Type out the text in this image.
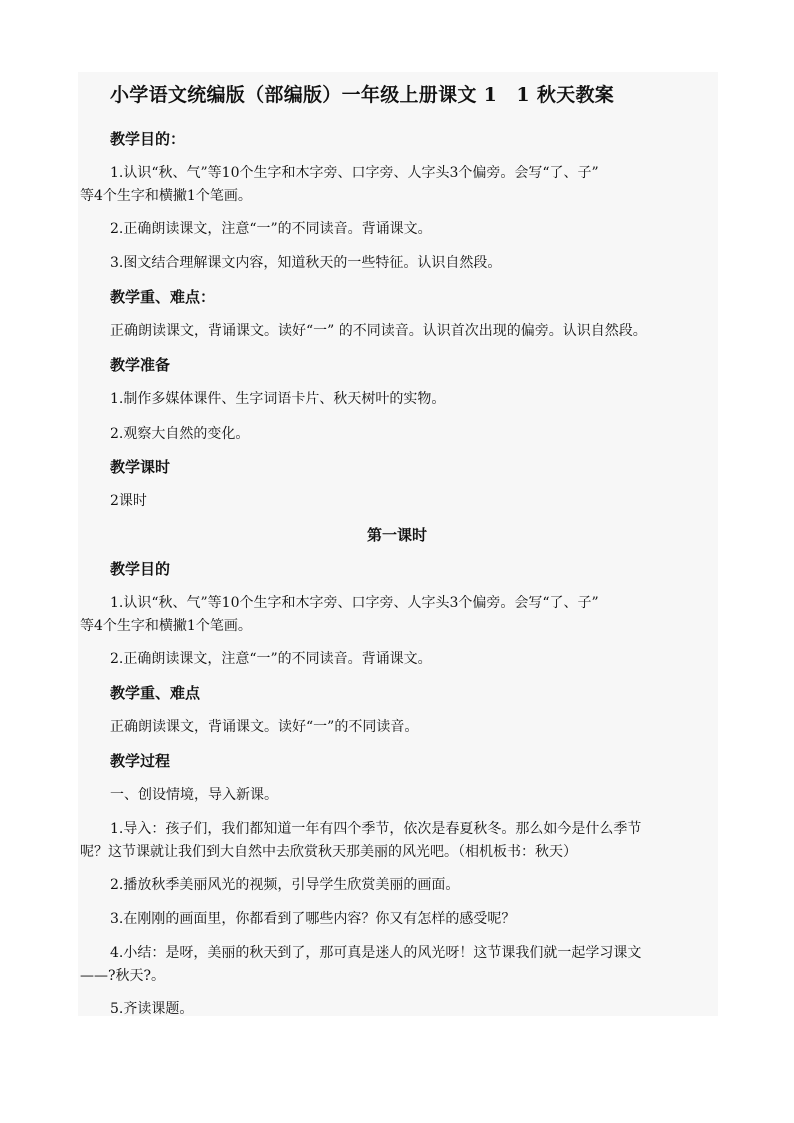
小学语文统编版（部编版）一年级上册课文 1　1 秋天教案
教学目的：
1.认识“秋、气”等10个生字和木字旁、口字旁、人字头3个偏旁。会写“了、子”
等4个生字和横撇1个笔画。
2.正确朗读课文，注意“一”的不同读音。背诵课文。
3.图文结合理解课文内容，知道秋天的一些特征。认识自然段。
教学重、难点：
正确朗读课文，背诵课文。读好“一” 的不同读音。认识首次出现的偏旁。认识自然段。
教学准备
1.制作多媒体课件、生字词语卡片、秋天树叶的实物。
2.观察大自然的变化。
教学课时
2课时
第一课时
教学目的
1.认识“秋、气”等10个生字和木字旁、口字旁、人字头3个偏旁。会写“了、子”
等4个生字和横撇1个笔画。
2.正确朗读课文，注意“一”的不同读音。背诵课文。
教学重、难点
正确朗读课文，背诵课文。读好“一”的不同读音。
教学过程
一、创设情境，导入新课。
1.导入：孩子们，我们都知道一年有四个季节，依次是春夏秋冬。那么如今是什么季节
呢？这节课就让我们到大自然中去欣赏秋天那美丽的风光吧。（相机板书：秋天）
2.播放秋季美丽风光的视频，引导学生欣赏美丽的画面。
3.在刚刚的画面里，你都看到了哪些内容？你又有怎样的感受呢？
4.小结：是呀，美丽的秋天到了，那可真是迷人的风光呀！这节课我们就一起学习课文
——?秋天?。
5.齐读课题。
